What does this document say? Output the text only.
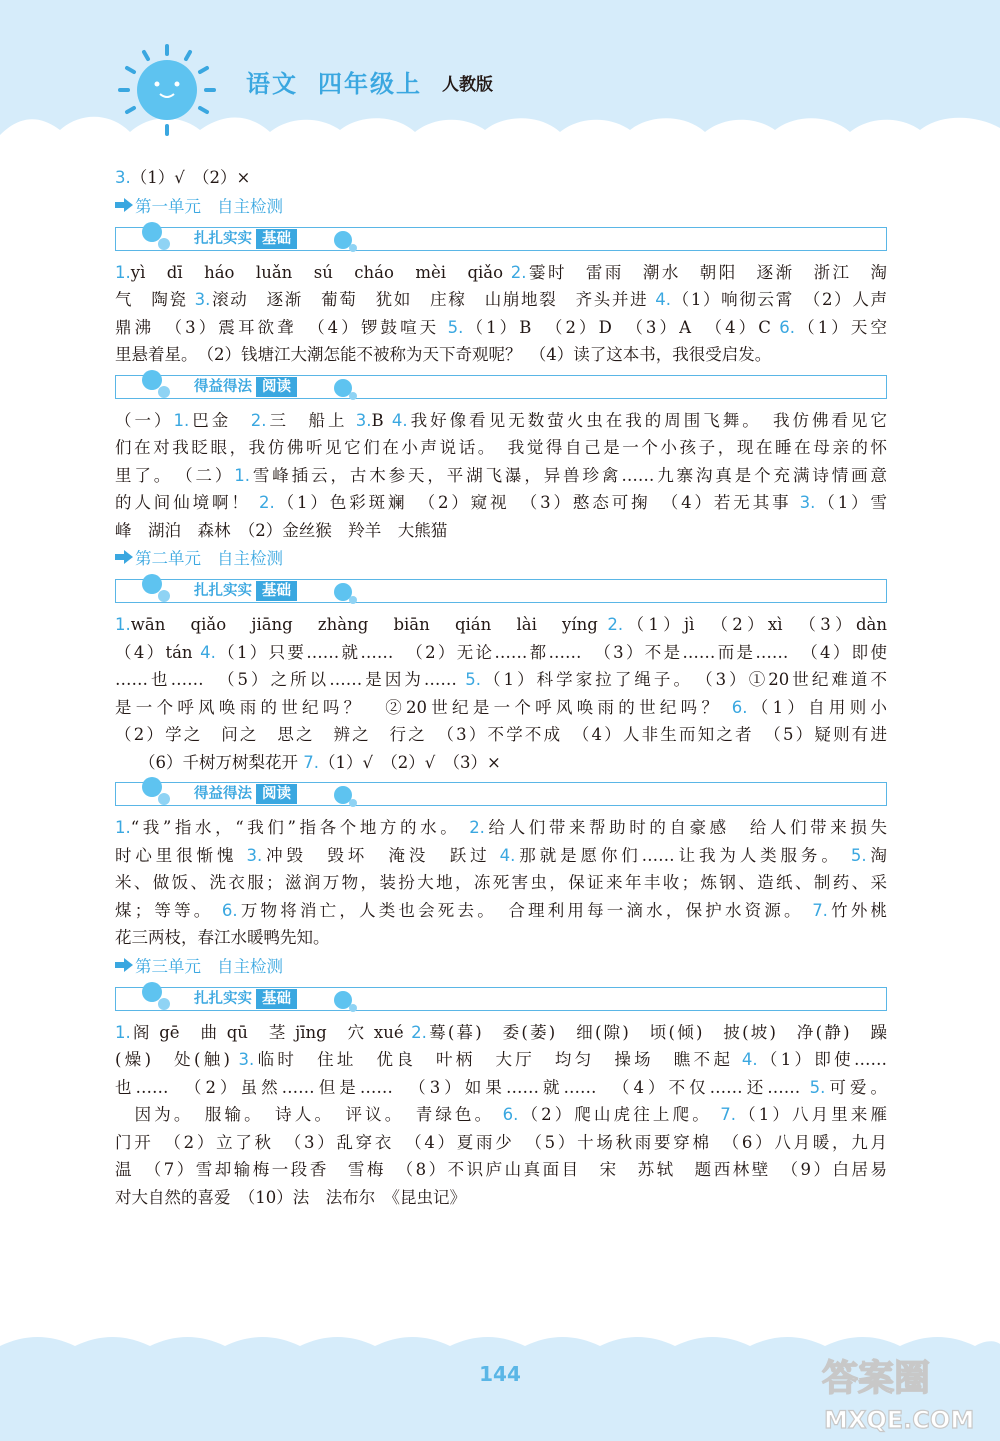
语文 四年级上 人教版

3.（1）√　（2）×

第一单元 自主检测

扎扎实实 基础

1.yì　dī　háo　luǎn　sú　cháo　mèi　qiǎo 2.霎时　雷雨　潮水　朝阳　逐渐　浙江　淘

气　陶瓷 3.滚动　逐渐　葡萄　犹如　庄稼　山崩地裂　齐头并进 4.（1）响彻云霄　（2）人声

鼎沸　（3）震耳欲聋　（4）锣鼓喧天 5.（1）B　（2）D　（3）A　（4）C 6.（1）天空

里悬着星。　（2）钱塘江大潮怎能不被称为天下奇观呢？　（4）读了这本书，我很受启发。

得益得法 阅读

（一）1.巴金　2.三　船上 3.B 4.我好像看见无数萤火虫在我的周围飞舞。　我仿佛看见它

们在对我眨眼，我仿佛听见它们在小声说话。　我觉得自己是一个小孩子，现在睡在母亲的怀

里了。　（二）1.雪峰插云，古木参天，平湖飞瀑，异兽珍禽……九寨沟真是个充满诗情画意

的人间仙境啊！ 2.（1）色彩斑斓　（2）窥视　（3）憨态可掬　（4）若无其事 3.（1）雪

峰　湖泊　森林　（2）金丝猴　羚羊　大熊猫

第二单元 自主检测

扎扎实实 基础

1.wān　qiǎo　jiāng　zhàng　biān　qián　lài　yíng 2.（1）jì　（2）xì　（3）dàn

（4）tán 4.（1）只要……就……　（2）无论……都……　（3）不是……而是……　（4）即使

……也……　（5）之所以……是因为…… 5.（1）科学家拉了绳子。　（3）①20世纪难道不

是一个呼风唤雨的世纪吗？　②20世纪是一个呼风唤雨的世纪吗？ 6.（1）自用则小

（2）学之　问之　思之　辨之　行之　（3）不学不成　（4）人非生而知之者　（5）疑则有进

（6）千树万树梨花开 7.（1）√　（2）√　（3）×

得益得法 阅读

1.“我”指水，“我们”指各个地方的水。 2.给人们带来帮助时的自豪感　给人们带来损失

时心里很惭愧 3.冲毁　毁坏　淹没　跃过 4.那就是愿你们……让我为人类服务。 5.淘

米、做饭、洗衣服；滋润万物，装扮大地，冻死害虫，保证来年丰收；炼钢、造纸、制药、采

煤；等等。 6.万物将消亡，人类也会死去。　合理利用每一滴水，保护水资源。 7.竹外桃

花三两枝，春江水暖鸭先知。

第三单元 自主检测

扎扎实实 基础

1.阁 gē　曲 qū　茎 jīng　穴 xué 2.蓦(暮)　委(萎)　细(隙)　顷(倾)　披(坡)　净(静)　躁

(燥)　处(触) 3.临时　住址　优良　叶柄　大厅　均匀　操场　瞧不起 4.（1）即使……

也……　（2）虽然……但是……　（3）如果……就……　（4）不仅……还…… 5.可爱。

　因为。　服输。　诗人。　评议。　青绿色。 6.（2）爬山虎往上爬。 7.（1）八月里来雁

门开　（2）立了秋　（3）乱穿衣　（4）夏雨少　（5）十场秋雨要穿棉　（6）八月暖，九月

温　（7）雪却输梅一段香　雪梅　（8）不识庐山真面目　宋　苏轼　题西林壁　（9）白居易

对大自然的喜爱　（10）法　法布尔　《昆虫记》

144	答案圈
MXQE.COM
